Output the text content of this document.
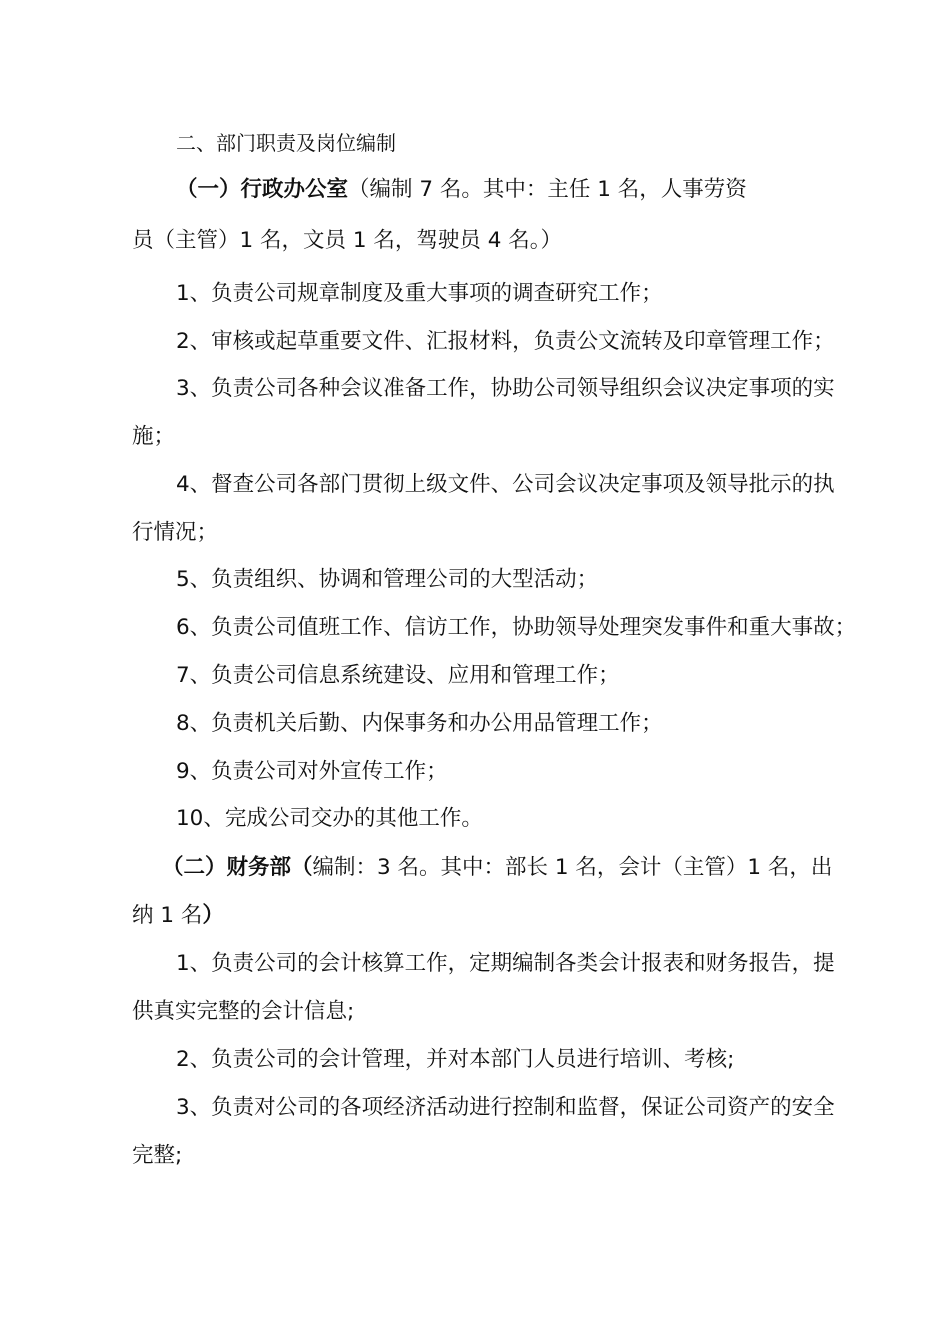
二、部门职责及岗位编制
（一）行政办公室（编制 7 名。其中：主任 1 名，人事劳资
员（主管）1 名，文员 1 名，驾驶员 4 名。）
1、负责公司规章制度及重大事项的调查研究工作；
2、审核或起草重要文件、汇报材料，负责公文流转及印章管理工作；
3、负责公司各种会议准备工作，协助公司领导组织会议决定事项的实
施；
4、督查公司各部门贯彻上级文件、公司会议决定事项及领导批示的执
行情况；
5、负责组织、协调和管理公司的大型活动；
6、负责公司值班工作、信访工作，协助领导处理突发事件和重大事故；
7、负责公司信息系统建设、应用和管理工作；
8、负责机关后勤、内保事务和办公用品管理工作；
9、负责公司对外宣传工作；
10、完成公司交办的其他工作。
（二）财务部（编制：3 名。其中：部长 1 名，会计（主管）1 名，出
纳 1 名）
1、负责公司的会计核算工作，定期编制各类会计报表和财务报告，提
供真实完整的会计信息;
2、负责公司的会计管理，并对本部门人员进行培训、考核;
3、负责对公司的各项经济活动进行控制和监督，保证公司资产的安全
完整;
